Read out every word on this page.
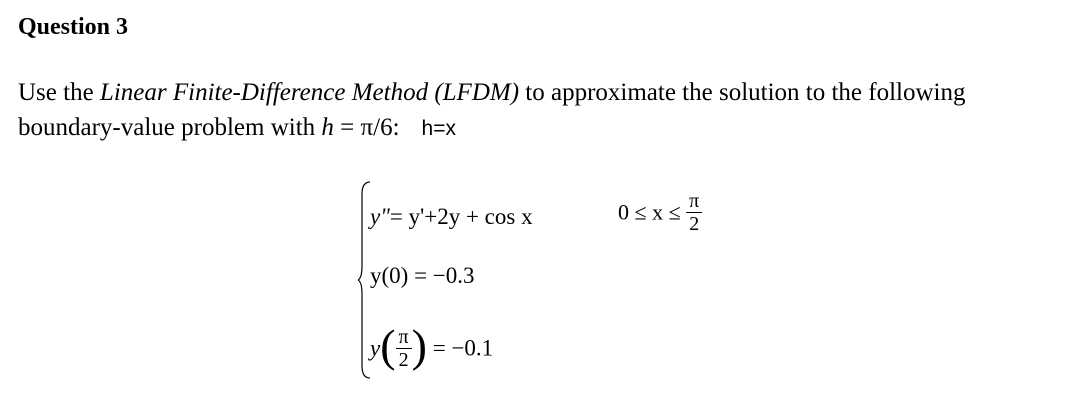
Question 3
Use the Linear Finite-Difference Method (LFDM) to approximate the solution to the following
boundary-value problem with h = π/6: h=x
y"= y'+2y + cos x	$0 \le x \le \frac{\pi}{2}$
y(0) = −0.3
$y( \frac{\pi}{2}$ ) = −0.1
